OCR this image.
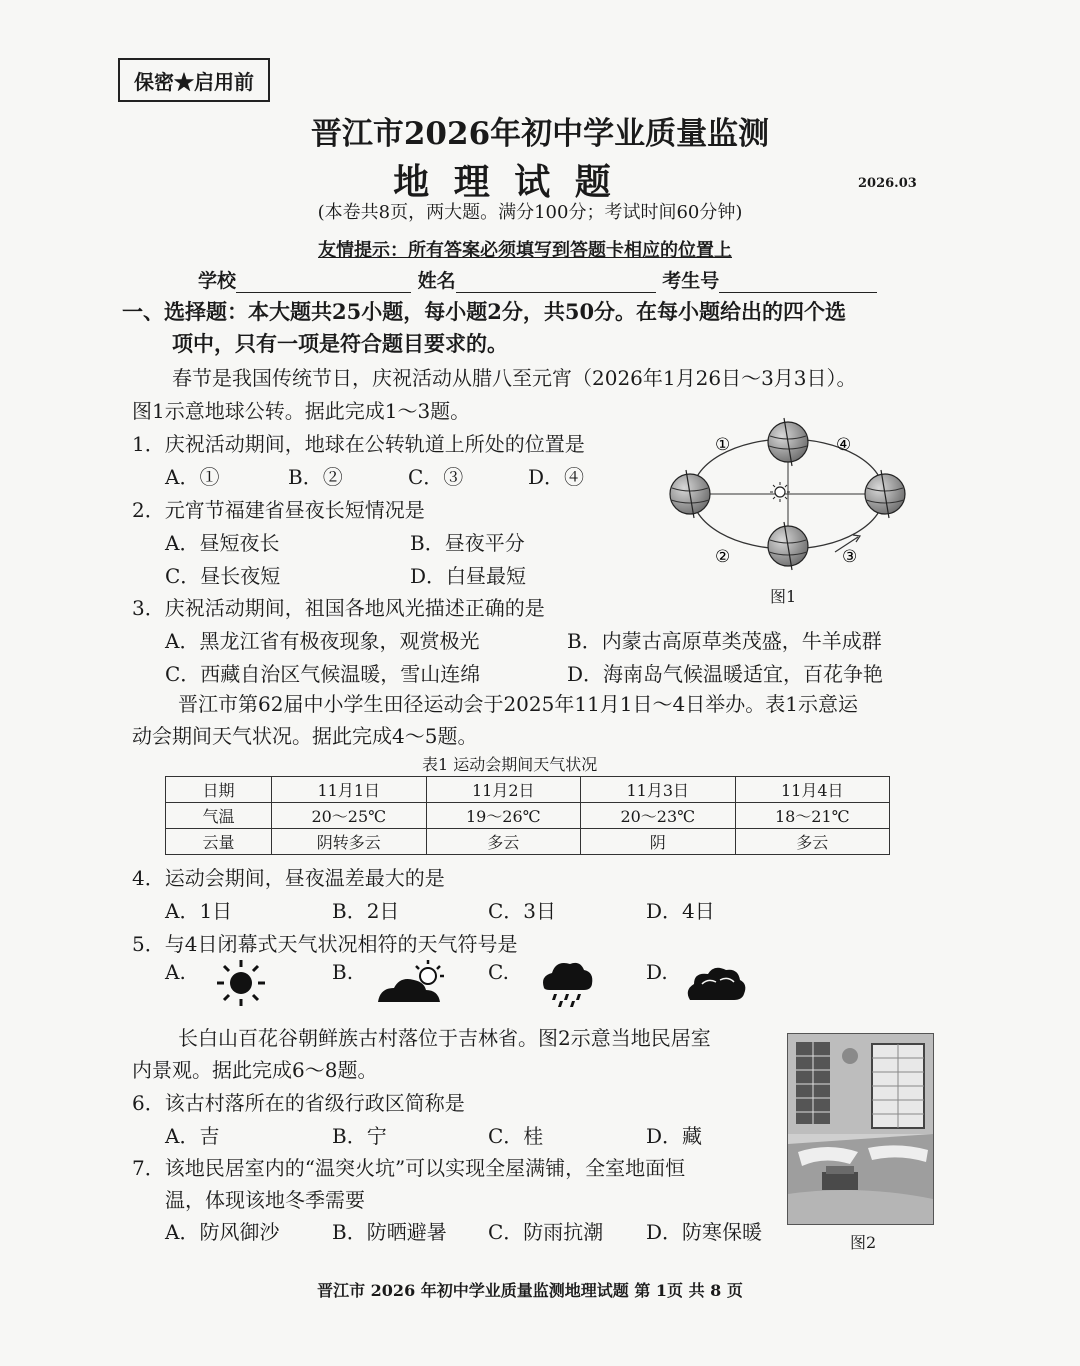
保密★启用前
晋江市2026年初中学业质量监测
地 理 试 题	2026.03
(本卷共8页，两大题。满分100分；考试时间60分钟)
友情提示：所有答案必须填写到答题卡相应的位置上
学校	姓名	考生号
一、选择题：本大题共25小题，每小题2分，共50分。在每小题给出的四个选
项中，只有一项是符合题目要求的。
春节是我国传统节日，庆祝活动从腊八至元宵（2026年1月26日～3月3日）。
图1示意地球公转。据此完成1～3题。
1．庆祝活动期间，地球在公转轨道上所处的位置是
A．①	B．②	C．③	D．④
2．元宵节福建省昼夜长短情况是
A．昼短夜长	B．昼夜平分
C．昼长夜短	D．白昼最短
3．庆祝活动期间，祖国各地风光描述正确的是
A．黑龙江省有极夜现象，观赏极光	B．内蒙古高原草类茂盛，牛羊成群
C．西藏自治区气候温暖，雪山连绵	D．海南岛气候温暖适宜，百花争艳
①	④
②	③
图1
晋江市第62届中小学生田径运动会于2025年11月1日～4日举办。表1示意运
动会期间天气状况。据此完成4～5题。
表1 运动会期间天气状况
日期	11月1日	11月2日	11月3日	11月4日
气温	20～25℃	19～26℃	20～23℃	18～21℃
云量	阴转多云	多云	阴	多云
4．运动会期间，昼夜温差最大的是
A．1日	B．2日	C．3日	D．4日
5．与4日闭幕式天气状况相符的天气符号是
A.	B.	C.	D.
长白山百花谷朝鲜族古村落位于吉林省。图2示意当地民居室
内景观。据此完成6～8题。
6．该古村落所在的省级行政区简称是
A．吉	B．宁	C．桂	D．藏
7．该地民居室内的“温突火坑”可以实现全屋满铺，全室地面恒
温，体现该地冬季需要
A．防风御沙	B．防晒避暑 C．防雨抗潮 D．防寒保暖	图2
晋江市 2026 年初中学业质量监测地理试题 第 1页 共 8 页
